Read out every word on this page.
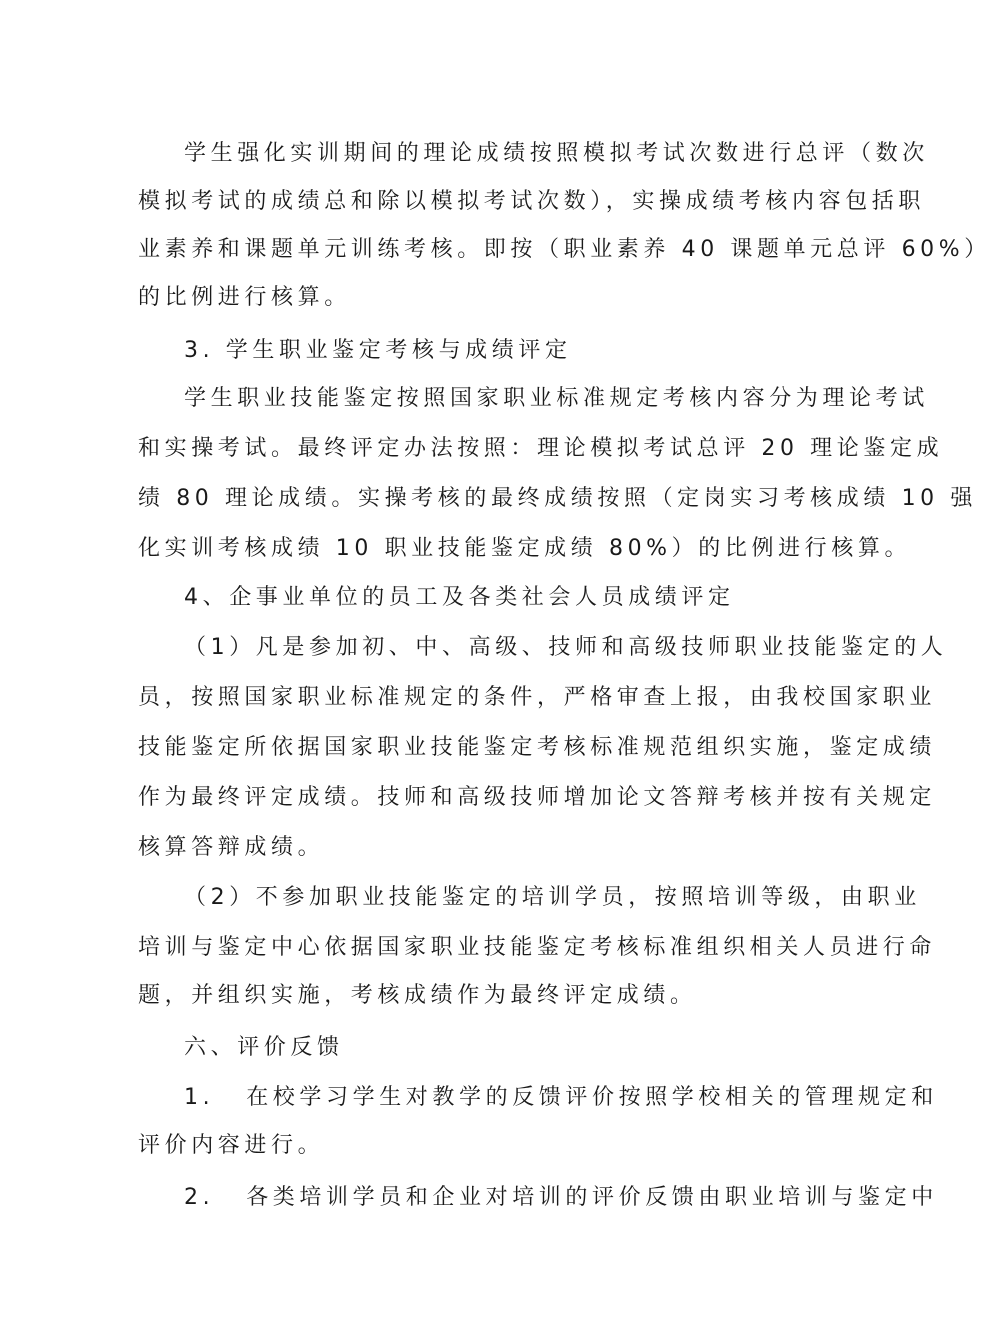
学生强化实训期间的理论成绩按照模拟考试次数进行总评（数次
模拟考试的成绩总和除以模拟考试次数），实操成绩考核内容包括职
业素养和课题单元训练考核。即按（职业素养 40 课题单元总评 60%）
的比例进行核算。
3. 学生职业鉴定考核与成绩评定
学生职业技能鉴定按照国家职业标准规定考核内容分为理论考试
和实操考试。最终评定办法按照：理论模拟考试总评 20 理论鉴定成
绩 80 理论成绩。实操考核的最终成绩按照（定岗实习考核成绩 10 强
化实训考核成绩 10 职业技能鉴定成绩 80%）的比例进行核算。
4、企事业单位的员工及各类社会人员成绩评定
（1）凡是参加初、中、高级、技师和高级技师职业技能鉴定的人
员，按照国家职业标准规定的条件，严格审查上报，由我校国家职业
技能鉴定所依据国家职业技能鉴定考核标准规范组织实施，鉴定成绩
作为最终评定成绩。技师和高级技师增加论文答辩考核并按有关规定
核算答辩成绩。
（2）不参加职业技能鉴定的培训学员，按照培训等级，由职业
培训与鉴定中心依据国家职业技能鉴定考核标准组织相关人员进行命
题，并组织实施，考核成绩作为最终评定成绩。
六、评价反馈
1. 在校学习学生对教学的反馈评价按照学校相关的管理规定和
评价内容进行。
2. 各类培训学员和企业对培训的评价反馈由职业培训与鉴定中
